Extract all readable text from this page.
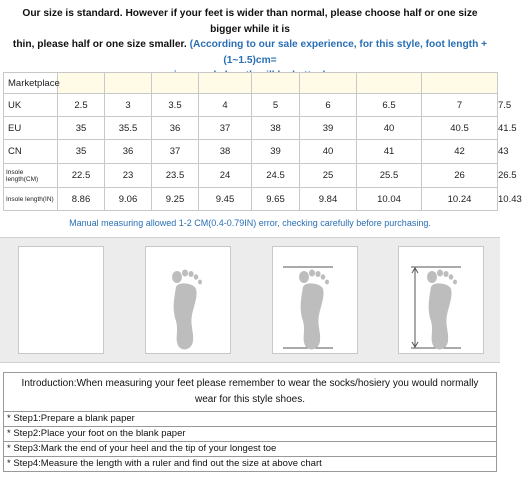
Our size is standard. However if your feet is wider than normal, please choose half or one size bigger while it is
thin, please half or one size smaller. (According to our sale experience, for this style, foot length + (1~1.5)cm=
Marketplace									
UK	2.5	3	3.5	4	5	6	6.5	7	7.5
EU	35	35.5	36	37	38	39	40	40.5	41.5
CN	35	36	37	38	39	40	41	42	43
Insole length(CM)	22.5	23	23.5	24	24.5	25	25.5	26	26.5
Insole length(IN)	8.86	9.06	9.25	9.45	9.65	9.84	10.04	10.24	10.43
Manual measuring allowed 1-2 CM(0.4-0.79IN) error, checking carefully before purchasing.
Introduction:When measuring your feet please remember to wear the socks/hosiery you would normally wear for this style shoes.
* Step1:Prepare a blank paper
* Step2:Place your foot on the blank paper
* Step3:Mark the end of your heel and the tip of your longest toe
* Step4:Measure the length with a ruler and find out the size at above chart
